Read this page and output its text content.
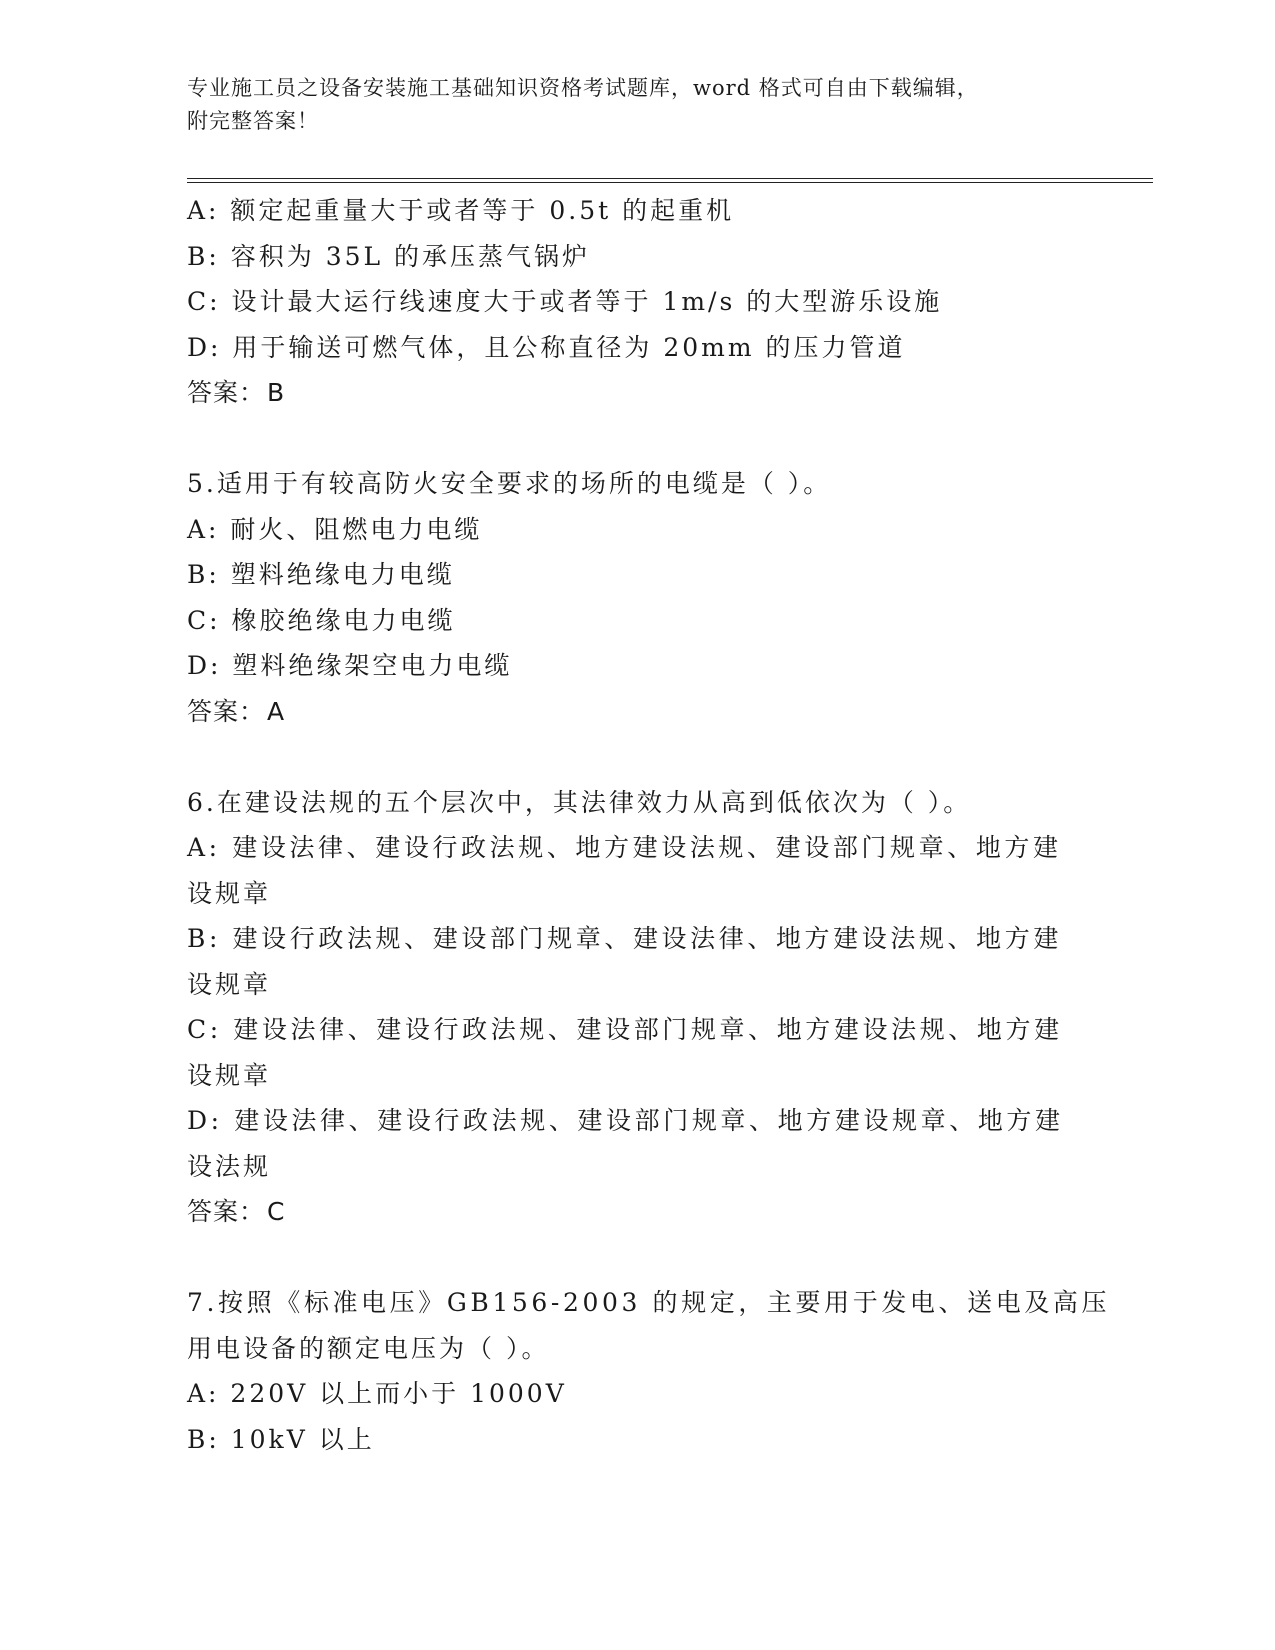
专业施工员之设备安装施工基础知识资格考试题库，word 格式可自由下载编辑，
附完整答案！
A: 额定起重量大于或者等于 0.5t 的起重机
B: 容积为 35L 的承压蒸气锅炉
C: 设计最大运行线速度大于或者等于 1m/s 的大型游乐设施
D: 用于输送可燃气体，且公称直径为 20mm 的压力管道
答案：B
5.适用于有较高防火安全要求的场所的电缆是（ ）。
A: 耐火、阻燃电力电缆
B: 塑料绝缘电力电缆
C: 橡胶绝缘电力电缆
D: 塑料绝缘架空电力电缆
答案：A
6.在建设法规的五个层次中，其法律效力从高到低依次为（ ）。
A: 建设法律、建设行政法规、地方建设法规、建设部门规章、地方建
设规章
B: 建设行政法规、建设部门规章、建设法律、地方建设法规、地方建
设规章
C: 建设法律、建设行政法规、建设部门规章、地方建设法规、地方建
设规章
D: 建设法律、建设行政法规、建设部门规章、地方建设规章、地方建
设法规
答案：C
7.按照《标准电压》GB156-2003 的规定，主要用于发电、送电及高压
用电设备的额定电压为（ ）。
A: 220V 以上而小于 1000V
B: 10kV 以上
